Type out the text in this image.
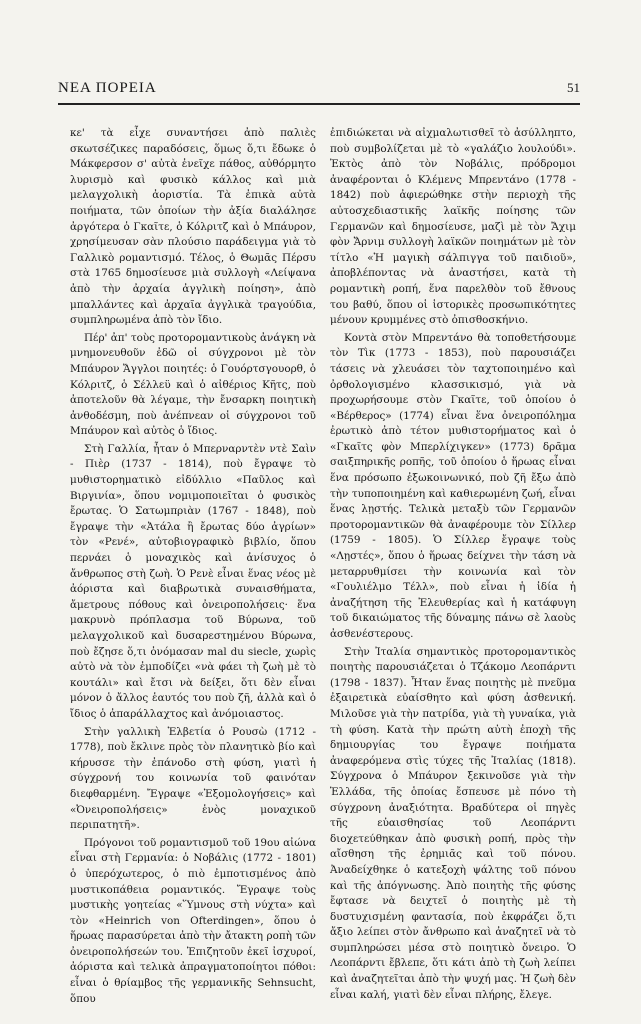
ΝΕΑ ΠΟΡΕΙΑ	51

κε' τὰ εἶχε συναντήσει ἀπὸ παλιὲς σκωτσέζικες παραδόσεις, ὅμως ὅ,τι ἔδωκε ὁ Μάκφερσον σ' αὐτὰ ἐνεῖχε πάθος, αὐθόρμητο λυρισμὸ καὶ φυσικὸ κάλλος καὶ μιὰ μελαγχολικὴ ἀοριστία. Τὰ ἐπικὰ αὐτὰ ποιήματα, τῶν ὁποίων τὴν ἀξία διαλάλησε ἀργότερα ὁ Γκαῖτε, ὁ Κόλριτζ καὶ ὁ Μπάυρον, χρησίμευσαν σὰν πλούσιο παράδειγμα γιὰ τὸ Γαλλικὸ ρομαντισμό. Τέλος, ὁ Θωμᾶς Πέρσυ στὰ 1765 δημοσίευσε μιὰ συλλογὴ «Λείψανα ἀπὸ τὴν ἀρχαία ἀγγλικὴ ποίηση», ἀπὸ μπαλλάντες καὶ ἀρχαῖα ἀγγλικὰ τραγούδια, συμπληρωμένα ἀπὸ τὸν ἴδιο.

Πέρ' ἀπ' τοὺς προτορομαντικοὺς ἀνάγκη νὰ μνημονευθοῦν ἐδῶ οἱ σύγχρονοι μὲ τὸν Μπάυρον Ἄγγλοι ποιητές: ὁ Γουόρτσγουορθ, ὁ Κόλριτζ, ὁ Σέλλεϋ καὶ ὁ αἰθέριος Κῆτς, ποὺ ἀποτελοῦν θὰ λέγαμε, τὴν ἔνσαρκη ποιητικὴ ἀνθοδέσμη, ποὺ ἀνέπνεαν οἱ σύγχρονοι τοῦ Μπάυρον καὶ αὐτὸς ὁ ἴδιος.

Στὴ Γαλλία, ἦταν ὁ Μπερναρντὲν ντὲ Σαὶν - Πιὲρ (1737 - 1814), ποὺ ἔγραψε τὸ μυθιστορηματικὸ εἰδύλλιο «Παῦλος καὶ Βιργινία», ὅπου νομιμοποιεῖται ὁ φυσικὸς ἔρωτας. Ὁ Σατωμπριὰν (1767 - 1848), ποὺ ἔγραψε τὴν «Ἀτάλα ἢ ἔρωτας δύο ἀγρίων» τὸν «Ρενέ», αὐτοβιογραφικὸ βιβλίο, ὅπου περνάει ὁ μοναχικὸς καὶ ἀνίσυχος ὁ ἄνθρωπος στὴ ζωὴ. Ὁ Ρενὲ εἶναι ἕνας νέος μὲ ἀόριστα καὶ διαβρωτικὰ συναισθήματα, ἄμετρους πόθους καὶ ὀνειροπολήσεις· ἕνα μακρυνὸ πρόπλασμα τοῦ Βύρωνα, τοῦ μελαγχολικοῦ καὶ δυσαρεστημένου Βύρωνα, ποὺ ἔζησε ὅ,τι ὀνόμασαν mal du siecle, χωρὶς αὐτὸ νὰ τὸν ἐμποδίζει «νὰ φάει τὴ ζωὴ μὲ τὸ κουτάλι» καὶ ἔτσι νὰ δείξει, ὅτι δὲν εἶναι μόνον ὁ ἄλλος ἑαυτός του ποὺ ζῆ, ἀλλὰ καὶ ὁ ἴδιος ὁ ἀπαράλλαχτος καὶ ἀνόμοιαστος.

Στὴν γαλλικὴ Ἑλβετία ὁ Ρουσὼ (1712 - 1778), ποὺ ἔκλινε πρὸς τὸν πλανητικὸ βίο καὶ κήρυσσε τὴν ἐπάνοδο στὴ φύση, γιατὶ ἡ σύγχρονή του κοινωνία τοῦ φαινόταν διεφθαρμένη. Ἔγραψε «Ἐξομολογήσεις» καὶ «Ὀνειροπολήσεις» ἑνὸς μοναχικοῦ περιπατητῆ».

Πρόγονοι τοῦ ρομαντισμοῦ τοῦ 19ου αἰώνα εἶναι στὴ Γερμανία: ὁ Νοβάλις (1772 - 1801) ὁ ὑπερόχωτερος, ὁ πιὸ ἐμποτισμένος ἀπὸ μυστικοπάθεια ρομαντικός. Ἔγραψε τοὺς μυστικὴς γοητείας «Ὕμνους στὴ νύχτα» καὶ τὸν «Heinrich von Ofterdingen», ὅπου ὁ ἥρωας παρασύρεται ἀπὸ τὴν ἄτακτη ροπὴ τῶν ὀνειροπολήσεών του. Ἐπιζητοῦν ἐκεῖ ἰσχυροί, ἀόριστα καὶ τελικὰ ἀπραγματοποίητοι πόθοι: εἶναι ὁ θρίαμβος τῆς γερμανικῆς Sehnsucht, ὅπου

ἐπιδιώκεται νὰ αἰχμαλωτισθεῖ τὸ ἀσύλληπτο, ποὺ συμβολίζεται μὲ τὸ «γαλάζιο λουλούδι». Ἐκτὸς ἀπὸ τὸν Νοβάλις, πρόδρομοι ἀναφέρονται ὁ Κλέμενς Μπρεντάνο (1778 - 1842) ποὺ ἀφιερώθηκε στὴν περιοχὴ τῆς αὐτοσχεδιαστικῆς λαϊκῆς ποίησης τῶν Γερμανῶν καὶ δημοσίευσε, μαζὶ μὲ τὸν Ἄχιμ φὸν Ἄρνιμ συλλογὴ λαϊκῶν ποιημάτων μὲ τὸν τίτλο «Ἡ μαγικὴ σάλπιγγα τοῦ παιδιοῦ», ἀποβλέποντας νὰ ἀναστήσει, κατὰ τὴ ρομαντικὴ ροπή, ἕνα παρελθὸν τοῦ ἔθνους του βαθύ, ὅπου οἱ ἱστορικὲς προσωπικότητες μένουν κρυμμένες στὸ ὀπισθοσκήνιο.

Κοντὰ στὸν Μπρεντάνο θὰ τοποθετήσουμε τὸν Τὶκ (1773 - 1853), ποὺ παρουσιάζει τάσεις νὰ χλευάσει τὸν ταχτοποιημένο καὶ ὀρθολογισμένο κλασσικισμό, γιὰ νὰ προχωρήσουμε στὸν Γκαῖτε, τοῦ ὁποίου ὁ «Βέρθερος» (1774) εἶναι ἕνα ὀνειροπόλημα ἐρωτικὸ ἀπὸ τέτον μυθιστορήματος καὶ ὁ «Γκαῖτς φὸν Μπερλίχιγκεν» (1773) δρᾶμα σαιξπηρικῆς ροπῆς, τοῦ ὁποίου ὁ ἥρωας εἶναι ἕνα πρόσωπο ἐξωκοινωνικό, ποὺ ζῆ ἔξω ἀπὸ τὴν τυποποιημένη καὶ καθιερωμένη ζωή, εἶναι ἕνας λῃστής. Τελικὰ μεταξὺ τῶν Γερμανῶν προτορομαντικῶν θὰ ἀναφέρουμε τὸν Σίλλερ (1759 - 1805). Ὁ Σίλλερ ἔγραψε τοὺς «Λῃστές», ὅπου ὁ ἥρωας δείχνει τὴν τάση νὰ μεταρρυθμίσει τὴν κοινωνία καὶ τὸν «Γουλιέλμο Τέλλ», ποὺ εἶναι ἡ ἰδία ἡ ἀναζήτηση τῆς Ἐλευθερίας καὶ ἡ κατάφυγη τοῦ δικαιώματος τῆς δύναμης πάνω σὲ λαοὺς ἀσθενέστερους.

Στὴν Ἰταλία σημαντικὸς προτορομαντικὸς ποιητὴς παρουσιάζεται ὁ Τζάκομο Λεοπάρντι (1798 - 1837). Ἦταν ἕνας ποιητὴς μὲ πνεῦμα ἐξαιρετικὰ εὐαίσθητο καὶ φύση ἀσθενική. Μιλοῦσε γιὰ τὴν πατρίδα, γιὰ τὴ γυναίκα, γιὰ τὴ φύση. Κατὰ τὴν πρώτη αὐτὴ ἐποχὴ τῆς δημιουργίας του ἔγραψε ποιήματα ἀναφερόμενα στὶς τύχες τῆς Ἰταλίας (1818). Σύγχρονα ὁ Μπάυρον ξεκινοῦσε γιὰ τὴν Ἑλλάδα, τῆς ὁποίας ἔσπευσε μὲ πόνο τὴ σύγχρονη ἀναξιότητα. Βραδύτερα οἱ πηγὲς τῆς εὐαισθησίας τοῦ Λεοπάρντι διοχετεύθηκαν ἀπὸ φυσικὴ ροπή, πρὸς τὴν αἴσθηση τῆς ἐρημιᾶς καὶ τοῦ πόνου. Ἀναδείχθηκε ὁ κατεξοχὴ ψάλτης τοῦ πόνου καὶ τῆς ἀπόγνωσης. Ἀπὸ ποιητὴς τῆς φύσης ἔφτασε νὰ δειχτεῖ ὁ ποιητὴς μὲ τὴ δυστυχισμένη φαντασία, ποὺ ἐκφράζει ὅ,τι ἄξιο λείπει στὸν ἄνθρωπο καὶ ἀναζητεῖ νὰ τὸ συμπληρώσει μέσα στὸ ποιητικὸ ὄνειρο. Ὁ Λεοπάρντι ἔβλεπε, ὅτι κάτι ἀπὸ τὴ ζωὴ λείπει καὶ ἀναζητεῖται ἀπὸ τὴν ψυχή μας. Ἡ ζωὴ δὲν εἶναι καλή, γιατὶ δὲν εἶναι πλήρης, ἔλεγε.
